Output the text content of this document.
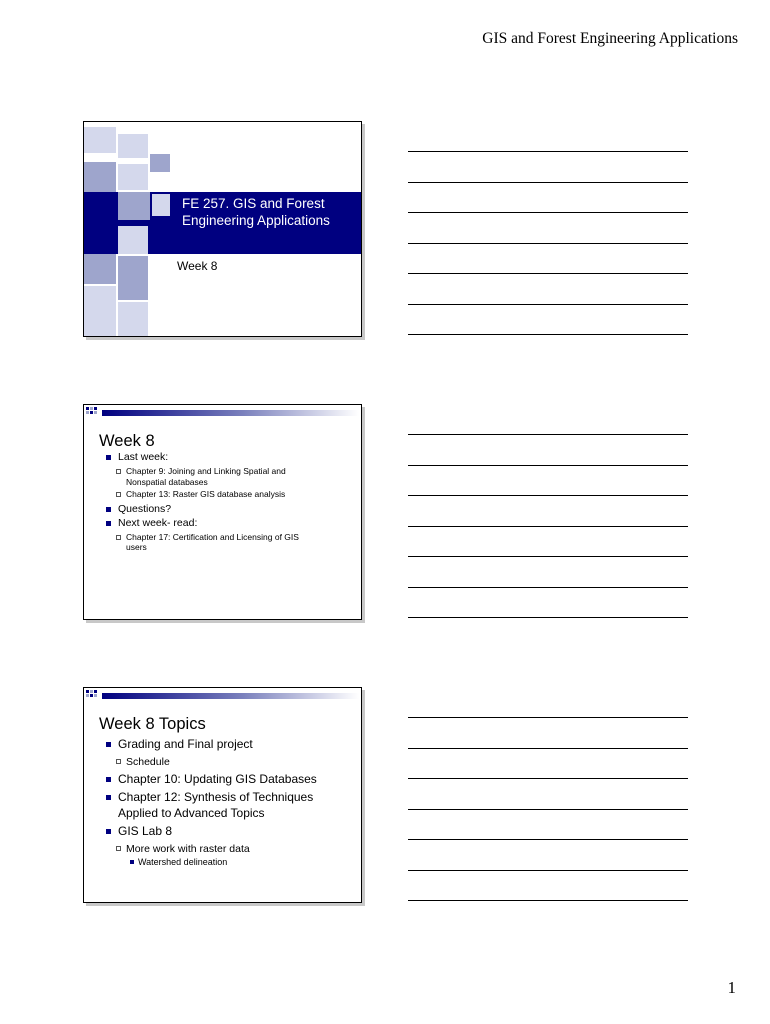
GIS and Forest Engineering Applications
FE 257. GIS and Forest
Engineering Applications
Week 8
Week 8
Last week:
Chapter 9: Joining and Linking Spatial and
Nonspatial databases
Chapter 13: Raster GIS database analysis
Questions?
Next week- read:
Chapter 17: Certification and Licensing of GIS
users
Week 8 Topics
Grading and Final project
Schedule
Chapter 10: Updating GIS Databases
Chapter 12: Synthesis of Techniques
Applied to Advanced Topics
GIS Lab 8
More work with raster data
Watershed delineation
1
